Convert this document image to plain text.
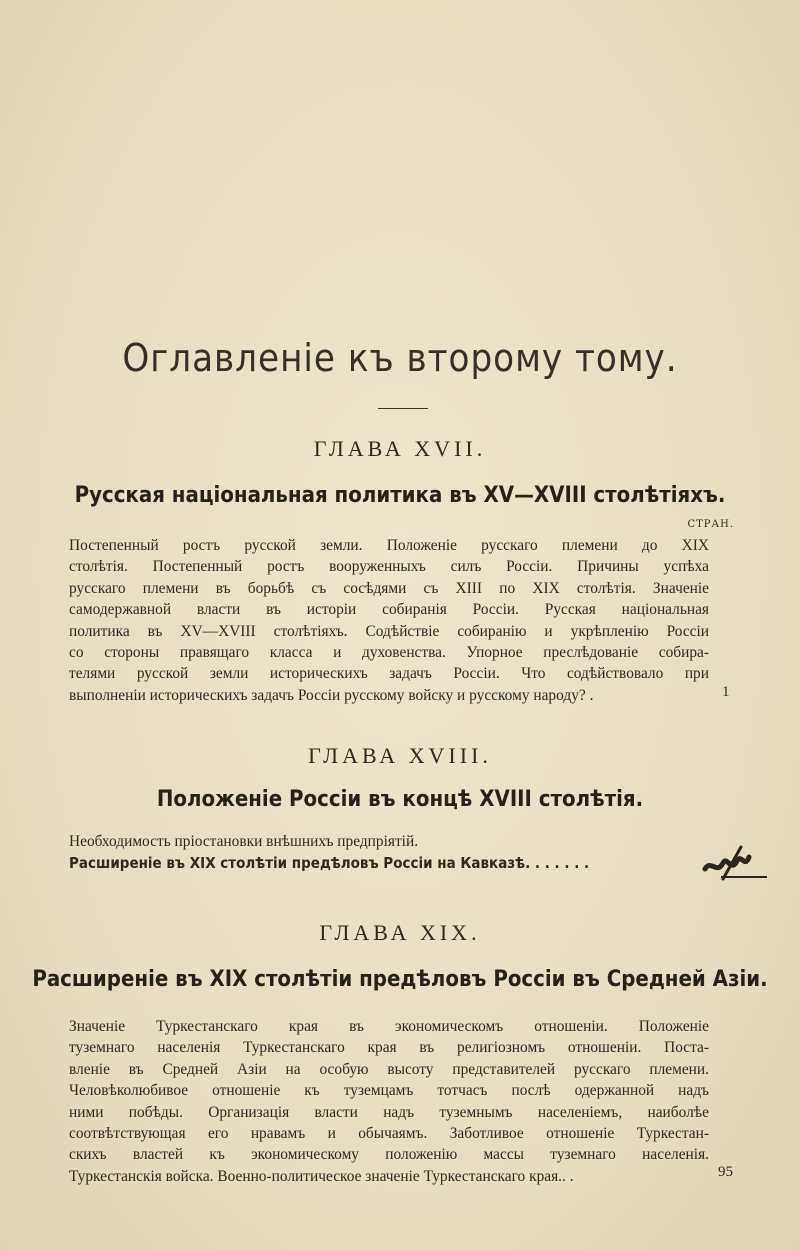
Оглавленіе къ второму тому.
ГЛАВА XVII.
Русская національная политика въ XV—XVIII столѣтіяхъ.
СТРАН.
Постепенный ростъ русской земли. Положеніе русскаго племени до XIX
столѣтія. Постепенный ростъ вооруженныхъ силъ Россіи. Причины успѣха
русскаго племени въ борьбѣ съ сосѣдями съ XIII по XIX столѣтія. Значеніе
самодержавной власти въ исторіи собиранія Россіи. Русская національная
политика въ XV—XVIII столѣтіяхъ. Содѣйствіе собиранію и укрѣпленію Россіи
со стороны правящаго класса и духовенства. Упорное преслѣдованіе собира-
телями русской земли историческихъ задачъ Россіи. Что содѣйствовало при
выполненіи историческихъ задачъ Россіи русскому войску и русскому народу? .	1
ГЛАВА XVIII.
Положеніе Россіи въ концѣ XVIII столѣтія.
Необходимость пріостановки внѣшнихъ предпріятій.
Расширеніе въ XIX столѣтіи предѣловъ Россіи на Кавказѣ. . . . . . .
ГЛАВА XIX.
Расширеніе въ XIX столѣтіи предѣловъ Россіи въ Средней Азіи.
Значеніе Туркестанскаго края въ экономическомъ отношеніи. Положеніе
туземнаго населенія Туркестанскаго края въ религіозномъ отношеніи. Поста-
вленіе въ Средней Азіи на особую высоту представителей русскаго племени.
Человѣколюбивое отношеніе къ туземцамъ тотчасъ послѣ одержанной надъ
ними побѣды. Организація власти надъ туземнымъ населеніемъ, наиболѣе
соотвѣтствующая его нравамъ и обычаямъ. Заботливое отношеніе Туркестан-
скихъ властей къ экономическому положенію массы туземнаго населенія.
Туркестанскія войска. Военно-политическое значеніе Туркестанскаго края.. .	95
